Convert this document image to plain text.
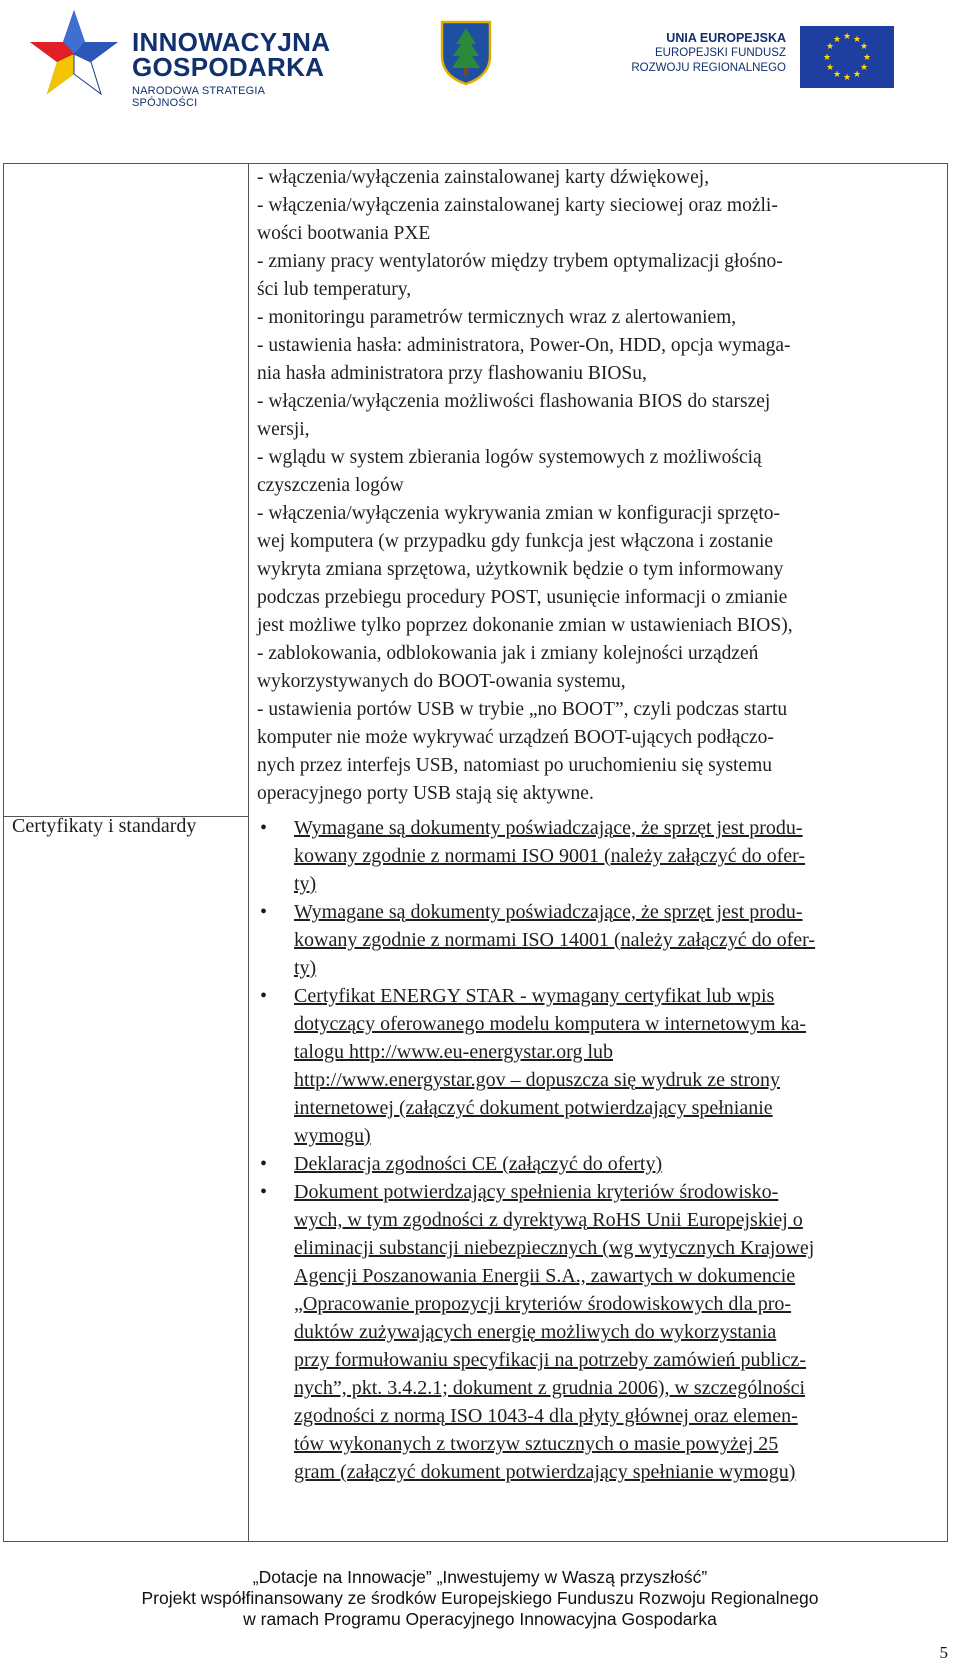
INNOWACYJNA
GOSPODARKA
NARODOWA STRATEGIA SPÓJNOŚCI
UNIA EUROPEJSKA
EUROPEJSKI FUNDUSZ
ROZWOJU REGIONALNEGO
★ ★
★
★
★
★
★
★
★
★
★
★

- włączenia/wyłączenia zainstalowanej karty dźwiękowej,

- włączenia/wyłączenia zainstalowanej karty sieciowej oraz możli-

wości bootwania PXE

- zmiany pracy wentylatorów między trybem optymalizacji głośno-

ści lub temperatury,

- monitoringu parametrów termicznych wraz z alertowaniem,

- ustawienia hasła: administratora, Power-On, HDD, opcja wymaga-

nia hasła administratora przy flashowaniu BIOSu,

- włączenia/wyłączenia możliwości flashowania BIOS do starszej

wersji,

- wglądu w system zbierania logów systemowych z możliwością

czyszczenia logów

- włączenia/wyłączenia wykrywania zmian w konfiguracji sprzęto-

wej komputera (w przypadku gdy funkcja jest włączona i zostanie

wykryta zmiana sprzętowa, użytkownik będzie o tym informowany

podczas przebiegu procedury POST, usunięcie informacji o zmianie

jest możliwe tylko poprzez dokonanie zmian w ustawieniach BIOS),

- zablokowania, odblokowania jak i zmiany kolejności urządzeń

wykorzystywanych do BOOT-owania systemu,

- ustawienia portów USB w trybie „no BOOT”, czyli podczas startu

komputer nie może wykrywać urządzeń BOOT-ujących podłączo-

nych przez interfejs USB, natomiast po uruchomieniu się systemu

operacyjnego porty USB stają się aktywne.

Certyfikaty i standardy	• Wymagane są dokumenty poświadczające, że sprzęt jest produ-
kowany zgodnie z normami ISO 9001 (należy załączyć do ofer-
ty)
• Wymagane są dokumenty poświadczające, że sprzęt jest produ-
kowany zgodnie z normami ISO 14001 (należy załączyć do ofer-
ty)
• Certyfikat ENERGY STAR - wymagany certyfikat lub wpis
dotyczący oferowanego modelu komputera w internetowym ka-
talogu http://www.eu-energystar.org lub
http://www.energystar.gov – dopuszcza się wydruk ze strony
internetowej (załączyć dokument potwierdzający spełnianie
wymogu)
• Deklaracja zgodności CE (załączyć do oferty)
• Dokument potwierdzający spełnienia kryteriów środowisko-
wych, w tym zgodności z dyrektywą RoHS Unii Europejskiej o
eliminacji substancji niebezpiecznych (wg wytycznych Krajowej
Agencji Poszanowania Energii S.A., zawartych w dokumencie
„Opracowanie propozycji kryteriów środowiskowych dla pro-
duktów zużywających energię możliwych do wykorzystania
przy formułowaniu specyfikacji na potrzeby zamówień publicz-
nych”, pkt. 3.4.2.1; dokument z grudnia 2006), w szczególności
zgodności z normą ISO 1043-4 dla płyty głównej oraz elemen-
tów wykonanych z tworzyw sztucznych o masie powyżej 25
gram (załączyć dokument potwierdzający spełnianie wymogu)

„Dotacje na Innowacje” „Inwestujemy w Waszą przyszłość”

Projekt współfinansowany ze środków Europejskiego Funduszu Rozwoju Regionalnego

w ramach Programu Operacyjnego Innowacyjna Gospodarka

5
